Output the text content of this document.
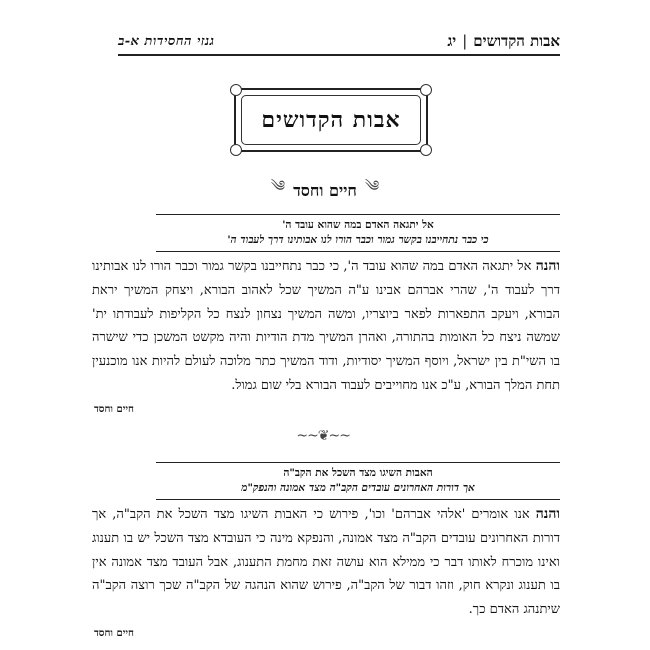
אבות הקדושים
|
יג
גנזי החסידות א-ב
אבות הקדושים
༄
חיים וחסד
༄
אל יתגאה האדם במה שהוא עובד ה'
כי כבר נתחייבנו בקשר גמור וכבר הורו לנו אבותינו דרך לעבוד ה'

והנה אל יתגאה האדם במה שהוא עובד ה', כי כבר נתחייבנו בקשר גמור וכבר הורו לנו אבותינו דרך לעבוד ה', שהרי אברהם אבינו ע"ה המשיך שכל לאהוב הבורא, ויצחק המשיך יראת הבורא, ויעקב התפארות לפאר ביוצריו, ומשה המשיך נצחון לנצח כל הקליפות לעבודתו ית' שמשה ניצח כל האומות בהתורה, ואהרן המשיך מדת הודיות והיה מקשט המשכן כדי שישרה בו השי"ת בין ישראל, ויוסף המשיך יסודיות, ודוד המשיך כתר מלוכה לעולם להיות אנו מוכנעין תחת המלך הבורא, ע"כ אנו מחוייבים לעבוד הבורא בלי שום גמול.

חיים וחסד
~~❦~~
האבות השיגו מצד השכל את הקב"ה
אך דורות האחרונים עובדים הקב"ה מצד אמונה והנפק"מ

והנה אנו אומרים 'אלהי אברהם' וכו', פירוש כי האבות השיגו מצד השכל את הקב"ה, אך דורות האחרונים עובדים הקב"ה מצד אמונה, והנפקא מינה כי העובדא מצד השכל יש בו תענוג ואינו מוכרח לאותו דבר כי ממילא הוא עושה זאת מחמת התענוג, אבל העובד מצד אמונה אין בו תענוג ונקרא חוק, וזהו דבור של הקב"ה, פירוש שהוא הנהגה של הקב"ה שכך רוצה הקב"ה שיתנהג האדם כך.

חיים וחסד
